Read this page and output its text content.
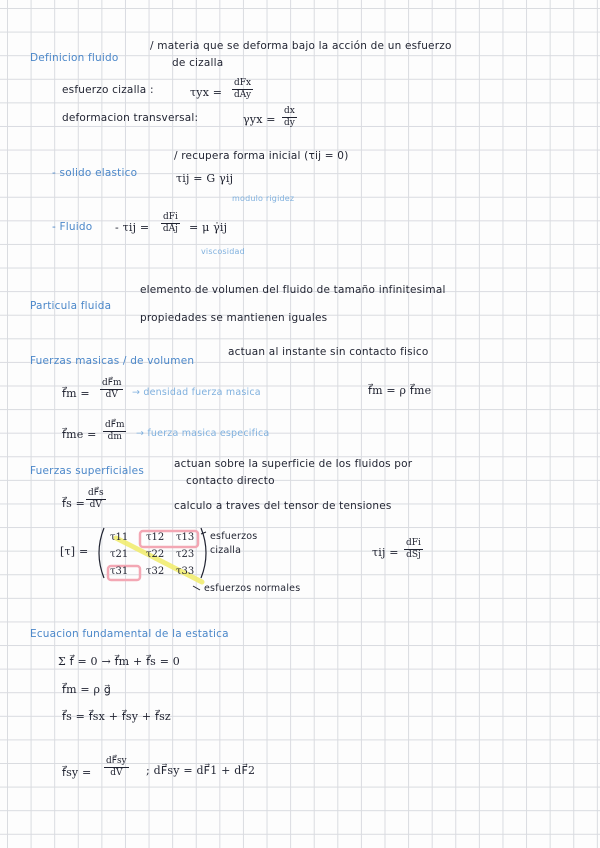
Definicion fluido
/ materia que se deforma bajo la acción de un esfuerzo
de cizalla
esfuerzo cizalla :	τyx =
dFx
dAy
deformacion transversal:	$\gamma yx = \frac{dx}{dy}$
/ recupera forma inicial (τij = 0)
- solido elastico	τij = G γij
modulo rigidez
- Fluido - τij =
dFi
dAj = μ γ̇ij
viscosidad
elemento de volumen del fluido de tamaño infinitesimal
Particula fluida
propiedades se mantienen iguales
Fuerzas masicas / de volumen
actuan al instante sin contacto fisico
f⃗m = $\frac{dF⃗m}{dV}$ → densidad fuerza masica	f⃗m = ρ f⃗me
f⃗me = $\frac{dF⃗m}{dm}$ → fuerza masica especifica
Fuerzas superficiales
actuan sobre la superficie de los fluidos por
contacto directo
calculo a traves del tensor de tensiones
f⃗s = $\frac{dF⃗s}{dV}$
[τ] =
τ11 τ12 τ13
τ21 τ22 τ23
τ31 τ32 τ33
esfuerzos cizalla
esfuerzos normales
τij =
dFi
dSj
Ecuacion fundamental de la estatica
Σ f⃗ = 0 → f⃗m + f⃗s = 0
f⃗m = ρ g⃗
f⃗s = f⃗sx + f⃗sy + f⃗sz
f⃗sy = $\frac{dF⃗sy}{dV}$ ; dF⃗sy = dF⃗1 + dF⃗2
